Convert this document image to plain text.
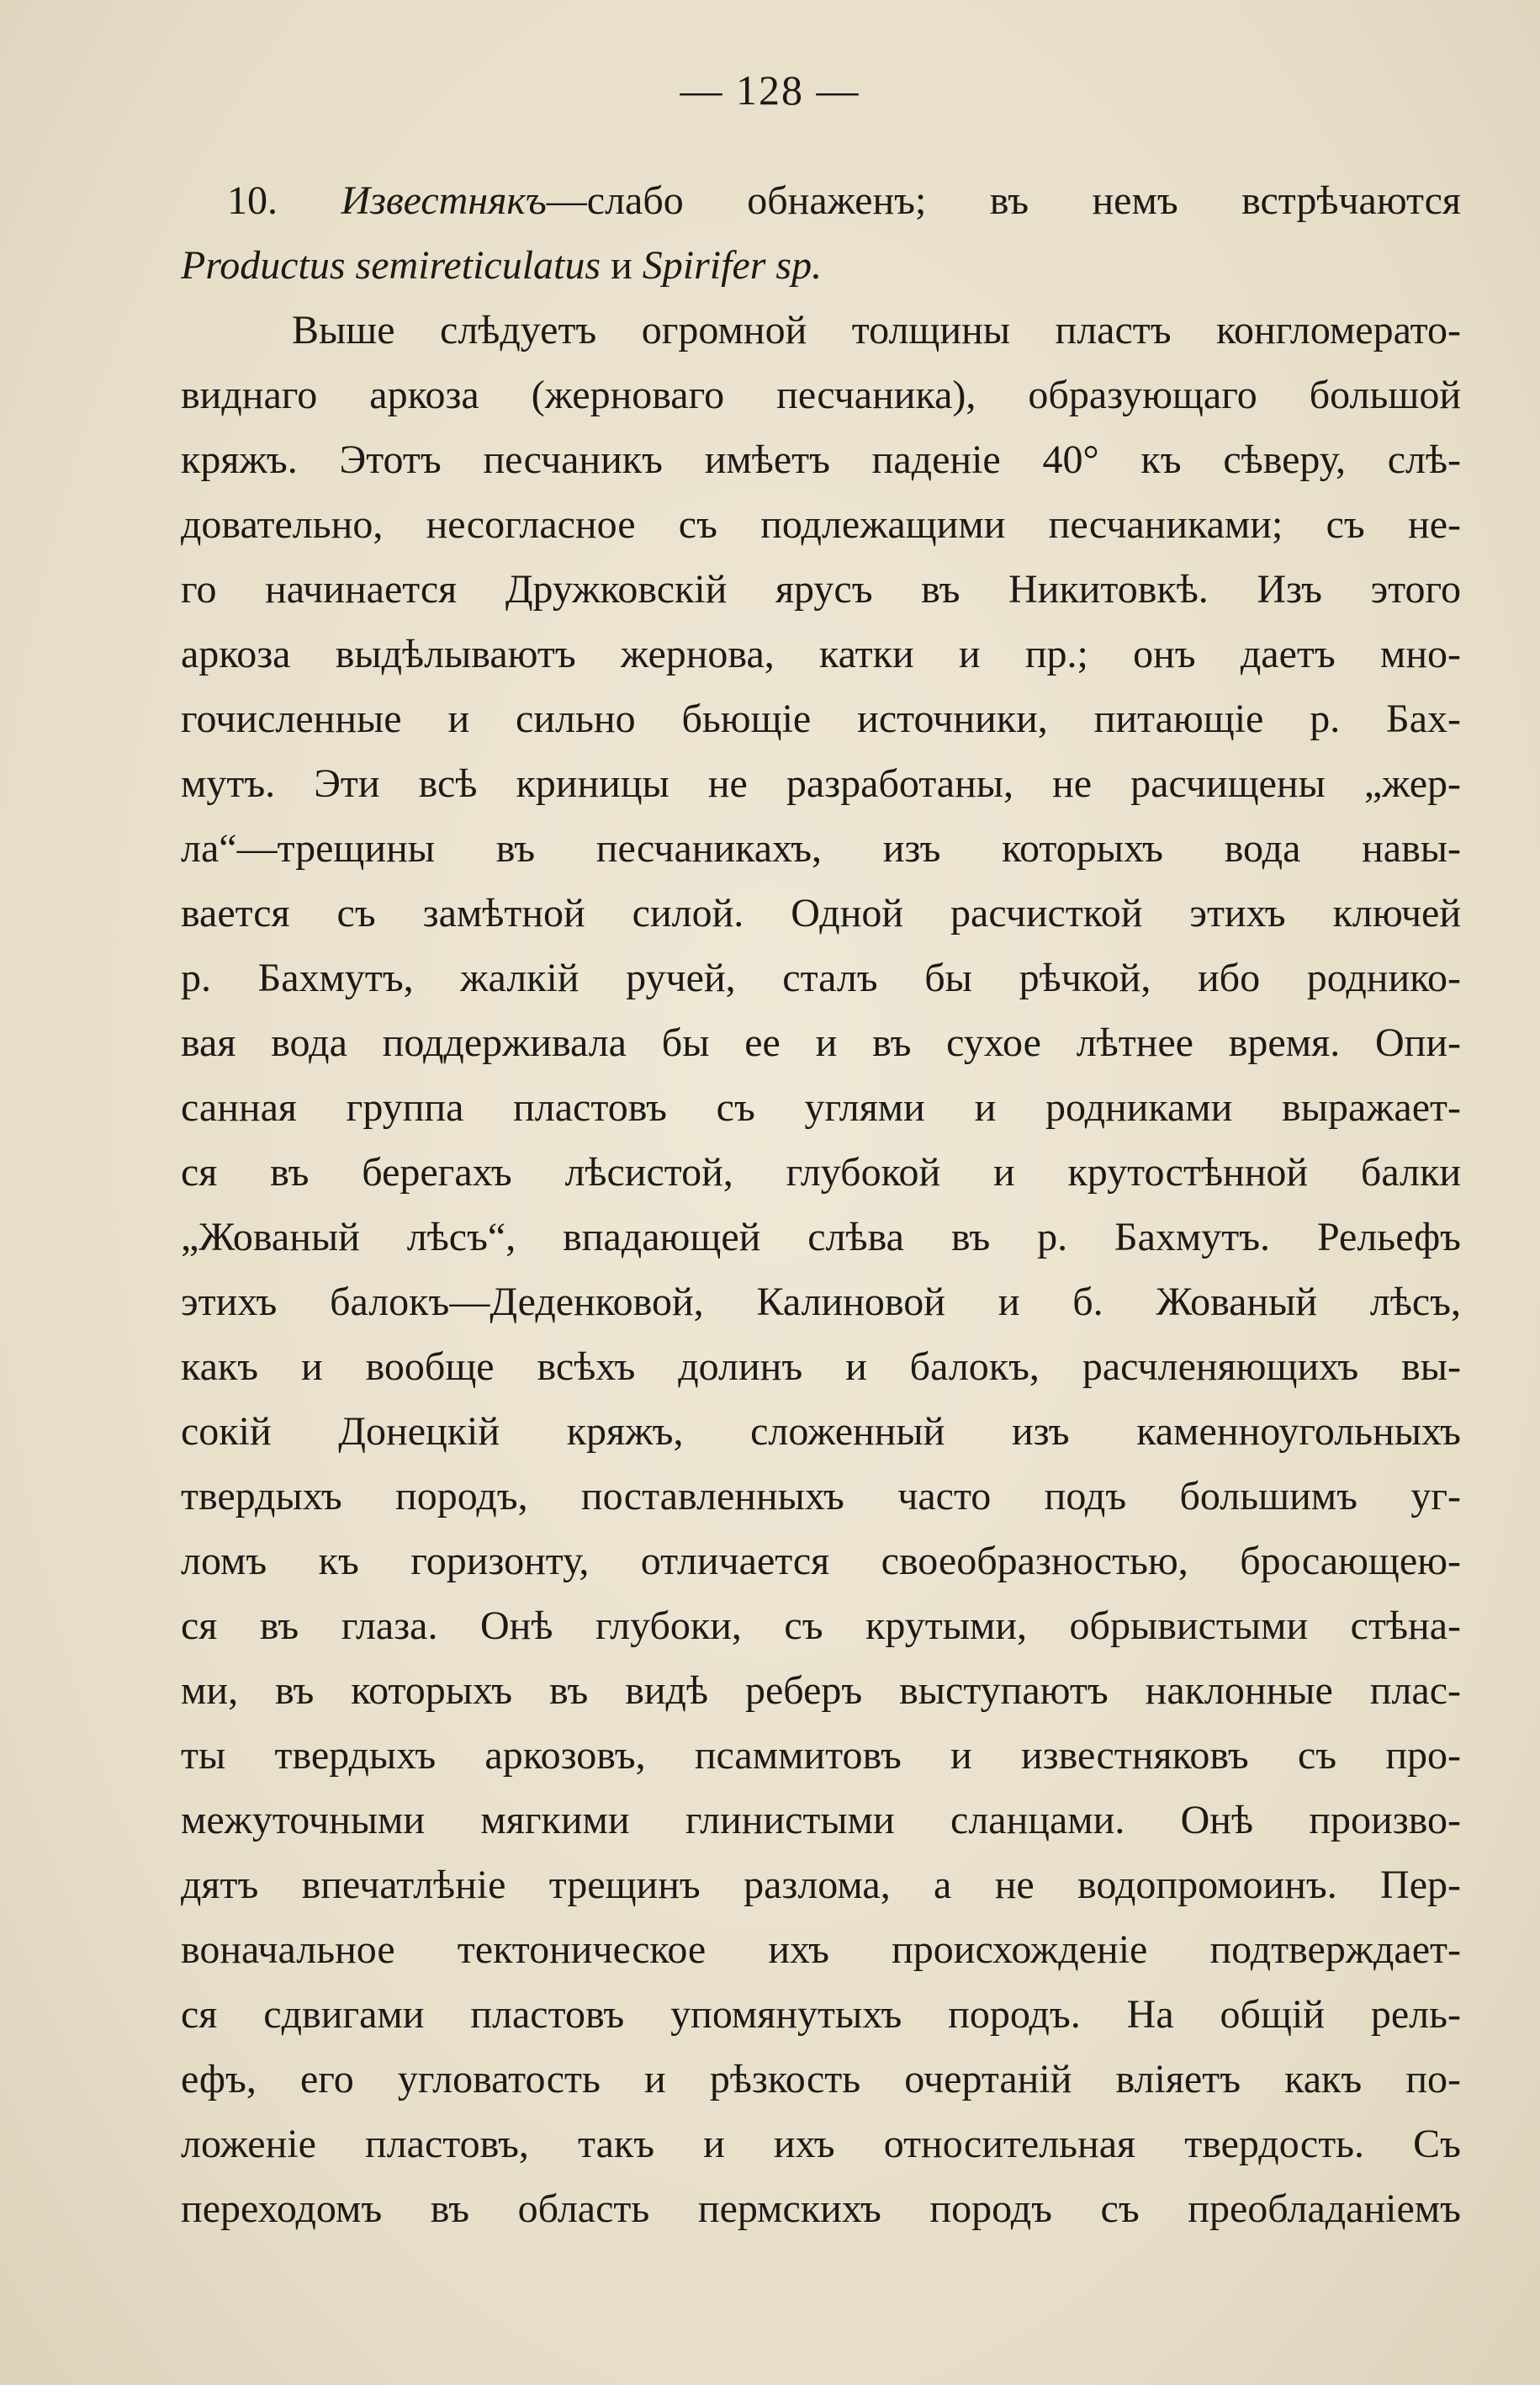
— 128 —
10. Известнякъ—слабо обнаженъ; въ немъ встрѣчаются
Productus semireticulatus и Spirifer sp.
Выше слѣдуетъ огромной толщины пластъ конгломерато-
виднаго аркоза (жерноваго песчаника), образующаго большой
кряжъ. Этотъ песчаникъ имѣетъ паденіе 40° къ сѣверу, слѣ-
довательно, несогласное съ подлежащими песчаниками; съ не-
го начинается Дружковскій ярусъ въ Никитовкѣ. Изъ этого
аркоза выдѣлываютъ жернова, катки и пр.; онъ даетъ мно-
гочисленные и сильно бьющіе источники, питающіе р. Бах-
мутъ. Эти всѣ криницы не разработаны, не расчищены „жер-
ла“—трещины въ песчаникахъ, изъ которыхъ вода навы-
вается съ замѣтной силой. Одной расчисткой этихъ ключей
р. Бахмутъ, жалкій ручей, сталъ бы рѣчкой, ибо роднико-
вая вода поддерживала бы ее и въ сухое лѣтнее время. Опи-
санная группа пластовъ съ углями и родниками выражает-
ся въ берегахъ лѣсистой, глубокой и крутостѣнной балки
„Жованый лѣсъ“, впадающей слѣва въ р. Бахмутъ. Рельефъ
этихъ балокъ—Деденковой, Калиновой и б. Жованый лѣсъ,
какъ и вообще всѣхъ долинъ и балокъ, расчленяющихъ вы-
сокій Донецкій кряжъ, сложенный изъ каменноугольныхъ
твердыхъ породъ, поставленныхъ часто подъ большимъ уг-
ломъ къ горизонту, отличается своеобразностью, бросающею-
ся въ глаза. Онѣ глубоки, съ крутыми, обрывистыми стѣна-
ми, въ которыхъ въ видѣ реберъ выступаютъ наклонные плас-
ты твердыхъ аркозовъ, псаммитовъ и известняковъ съ про-
межуточными мягкими глинистыми сланцами. Онѣ произво-
дятъ впечатлѣніе трещинъ разлома, а не водопромоинъ. Пер-
воначальное тектоническое ихъ происхожденіе подтверждает-
ся сдвигами пластовъ упомянутыхъ породъ. На общій рель-
ефъ, его угловатость и рѣзкость очертаній вліяетъ какъ по-
ложеніе пластовъ, такъ и ихъ относительная твердость. Съ
переходомъ въ область пермскихъ породъ съ преобладаніемъ
